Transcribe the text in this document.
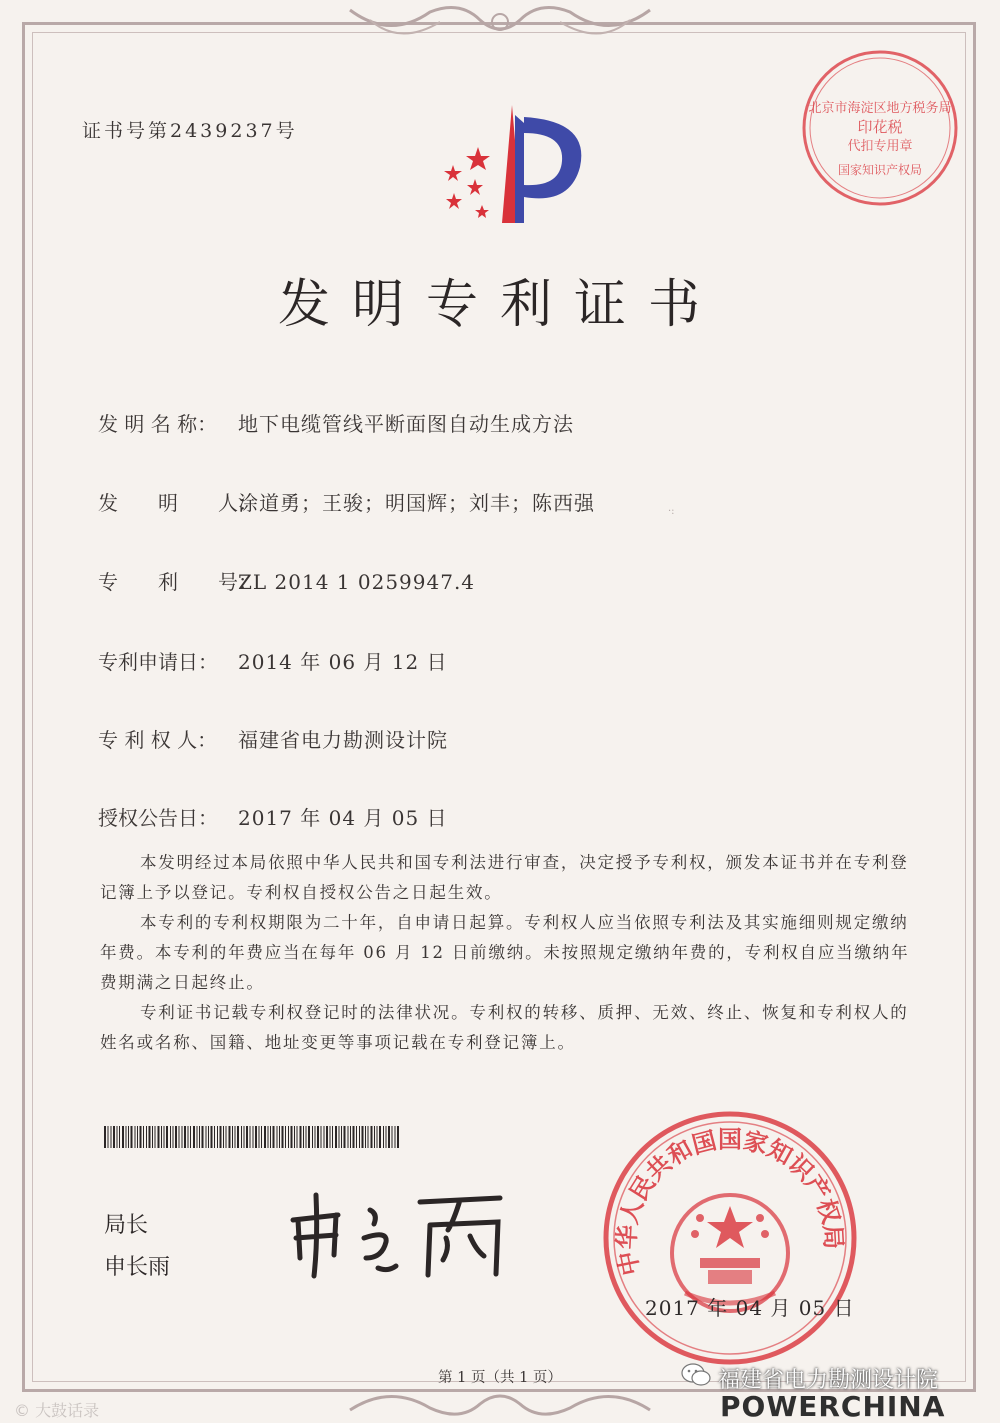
证书号第2439237号
北京市海淀区地方税务局
印花税
代扣专用章
国家知识产权局
发明专利证书
发 明 名 称： 地下电缆管线平断面图自动生成方法
发　　明　　人：涂道勇；王骏；明国辉；刘丰；陈西强
专　　利　　号：ZL 2014 1 0259947.4
专利申请日： 2014 年 06 月 12 日
专 利 权 人： 福建省电力勘测设计院
授权公告日： 2017 年 04 月 05 日
·:

本发明经过本局依照中华人民共和国专利法进行审查，决定授予专利权，颁发本证书并在专利登记簿上予以登记。专利权自授权公告之日起生效。

本专利的专利权期限为二十年，自申请日起算。专利权人应当依照专利法及其实施细则规定缴纳年费。本专利的年费应当在每年 06 月 12 日前缴纳。未按照规定缴纳年费的，专利权自应当缴纳年费期满之日起终止。

专利证书记载专利权登记时的法律状况。专利权的转移、质押、无效、终止、恢复和专利权人的姓名或名称、国籍、地址变更等事项记载在专利登记簿上。

局长
申长雨	中华人民共和国国家知识产权局
2017 年 04 月 05 日
第 1 页（共 1 页）
© 大鼓话录
福建省电力勘测设计院
POWERCHINA
